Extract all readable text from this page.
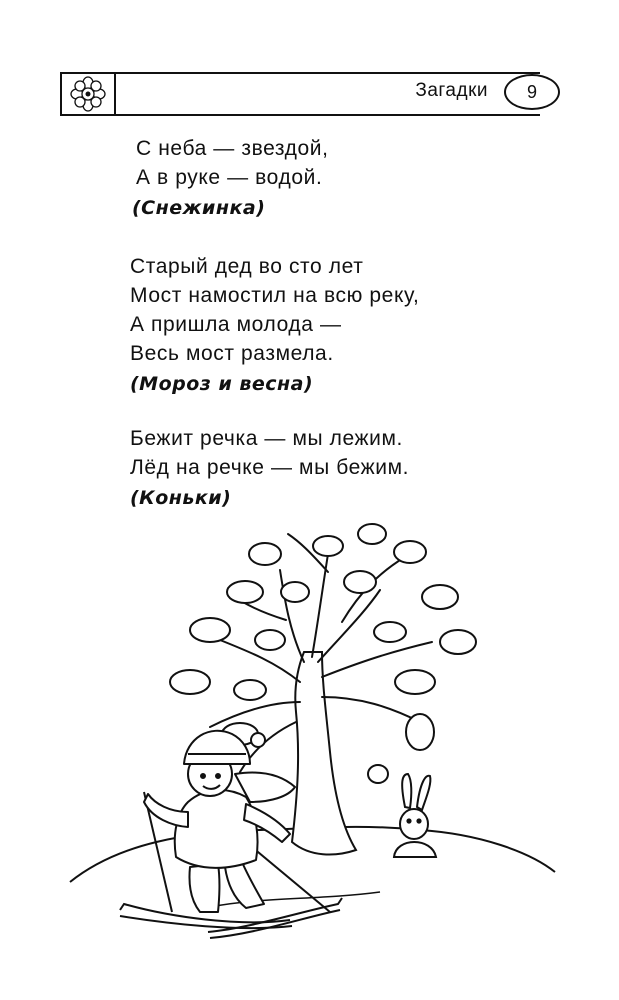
Загадки	9
С неба — звездой,
А в руке — водой.
(Снежинка)
Старый дед во сто лет
Мост намостил на всю реку,
А пришла молода —
Весь мост размела.
(Мороз и весна)
Бежит речка — мы лежим.
Лёд на речке — мы бежим.
(Коньки)
